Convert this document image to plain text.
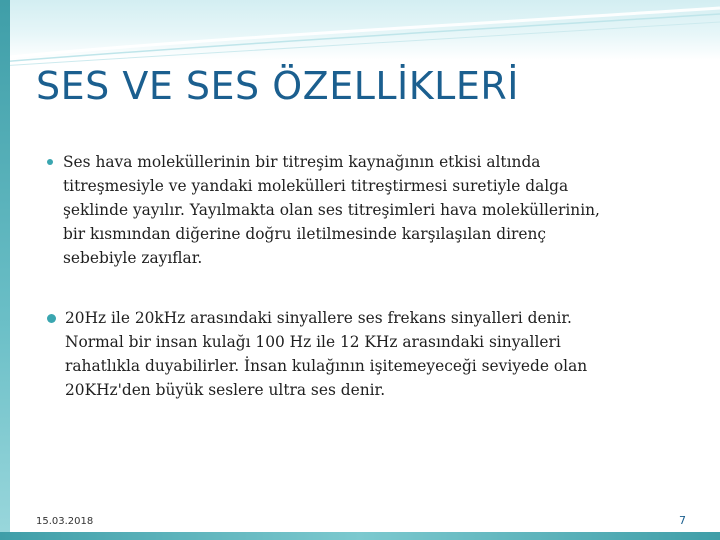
SES VE SES ÖZELLİKLERİ
Ses hava moleküllerinin bir titreşim kaynağının etkisi altında
titreşmesiyle ve yandaki molekülleri titreştirmesi suretiyle dalga
şeklinde yayılır. Yayılmakta olan ses titreşimleri hava moleküllerinin,
bir kısmından diğerine doğru iletilmesinde karşılaşılan direnç
sebebiyle zayıflar.
20Hz ile 20kHz arasındaki sinyallere ses frekans sinyalleri denir.
Normal bir insan kulağı 100 Hz ile 12 KHz arasındaki sinyalleri
rahatlıkla duyabilirler. İnsan kulağının işitemeyeceği seviyede olan
20KHz'den büyük seslere ultra ses denir.
15.03.2018	7
